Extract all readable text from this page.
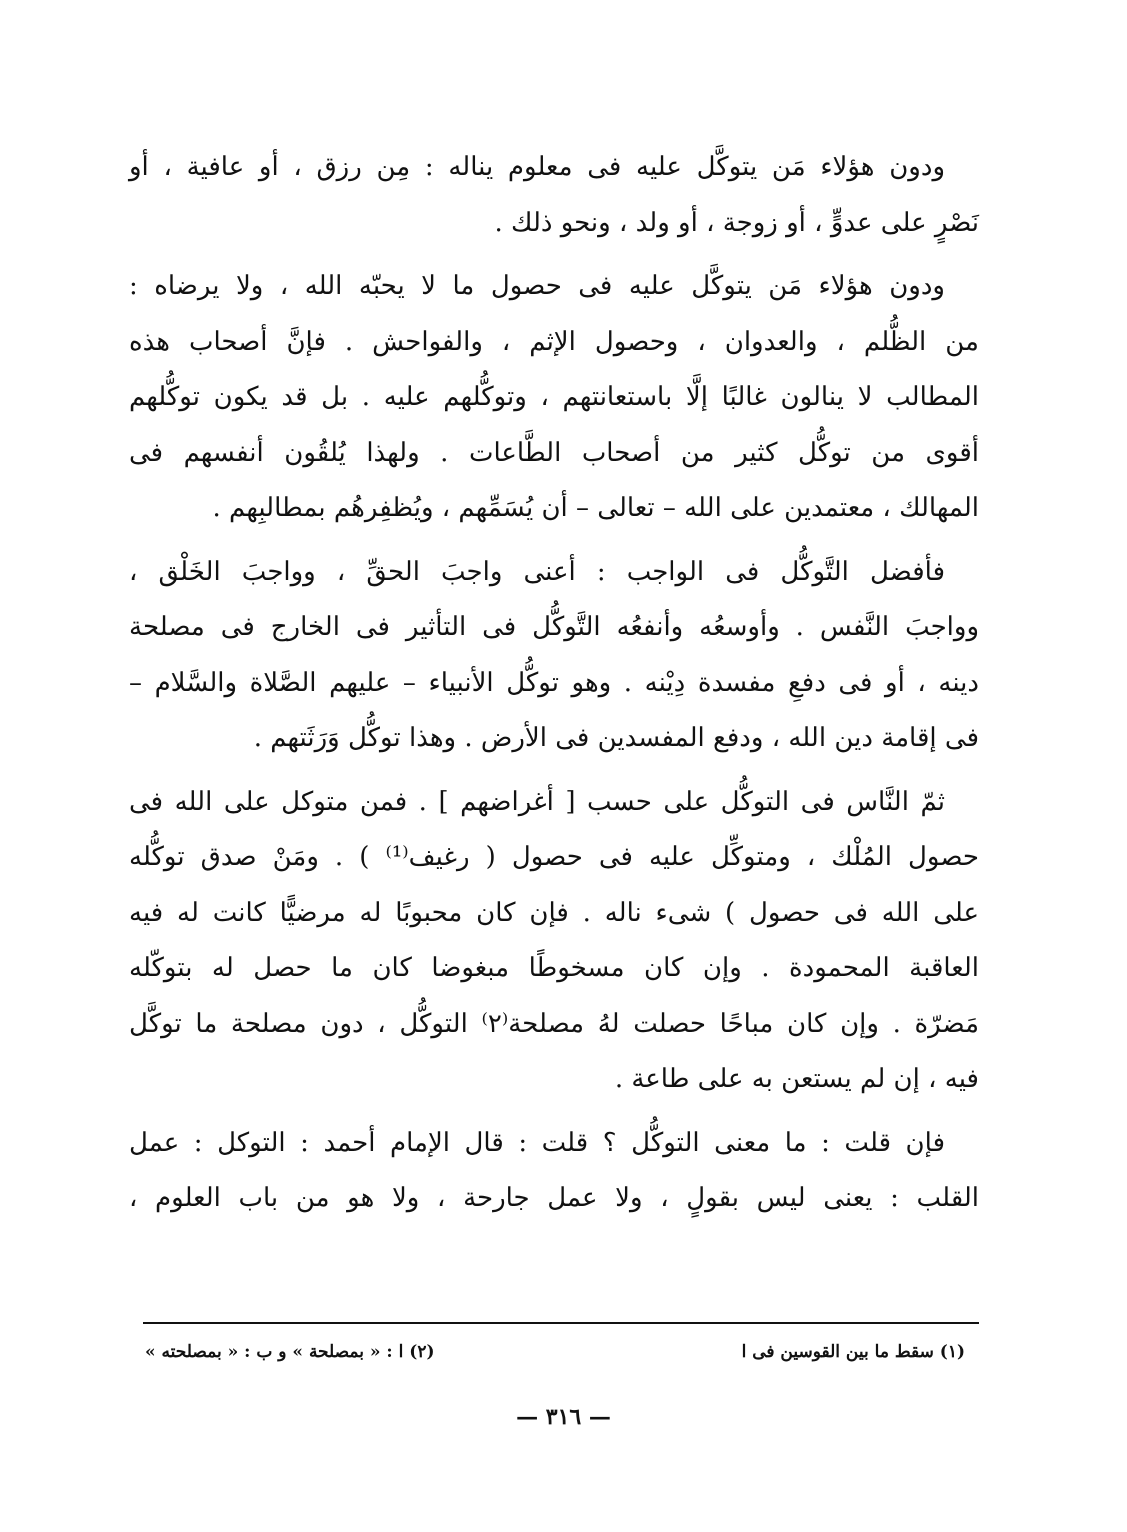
ودون هؤلاء مَن يتوكَّل عليه فى معلوم يناله : مِن رزق ، أو عافية ، أو
نَصْرٍ على عدوٍّ ، أو زوجة ، أو ولد ، ونحو ذلك .
ودون هؤلاء مَن يتوكَّل عليه فى حصول ما لا يحبّه الله ، ولا يرضاه :
من الظُّلم ، والعدوان ، وحصول الإثم ، والفواحش . فإنَّ أصحاب هذه
المطالب لا ينالون غالبًا إلَّا باستعانتهم ، وتوكُّلهم عليه . بل قد يكون توكُّلهم
أقوى من توكُّل كثير من أصحاب الطَّاعات . ولهذا يُلقُون أنفسهم فى
المهالك ، معتمدين على الله – تعالى – أن يُسَمِّهم ، ويُظفِرهُم بمطالبِهم .
فأفضل التَّوكُّل فى الواجب : أعنى واجبَ الحقِّ ، وواجبَ الخَلْق ،
وواجبَ النَّفس . وأوسعُه وأنفعُه التَّوكُّل فى التأثير فى الخارج فى مصلحة
دينه ، أو فى دفعِ مفسدة دِيْنه . وهو توكُّل الأنبياء – عليهم الصَّلاة والسَّلام –
فى إقامة دين الله ، ودفع المفسدين فى الأرض . وهذا توكُّل وَرَثَتهم .
ثمّ النَّاس فى التوكُّل على حسب [ أغراضهم ] . فمن متوكل على الله فى
حصول المُلْك ، ومتوكِّل عليه فى حصول ( رغيف⁽¹⁾ ) . ومَنْ صدق توكُّله
على الله فى حصول ) شىء ناله . فإن كان محبوبًا له مرضيًّا كانت له فيه
العاقبة المحمودة . وإن كان مسخوطًا مبغوضا كان ما حصل له بتوكّله
مَضرّة . وإن كان مباحًا حصلت لهُ مصلحة⁽٢⁾ التوكُّل ، دون مصلحة ما توكَّل
فيه ، إن لم يستعن به على طاعة .
فإن قلت : ما معنى التوكُّل ؟ قلت : قال الإمام أحمد : التوكل : عمل
القلب : يعنى ليس بقولٍ ، ولا عمل جارحة ، ولا هو من باب العلوم ،
(١) سقط ما بين القوسين فى ا
(٢) ا : « بمصلحة » و ب : « بمصلحته »
— ٣١٦ —
